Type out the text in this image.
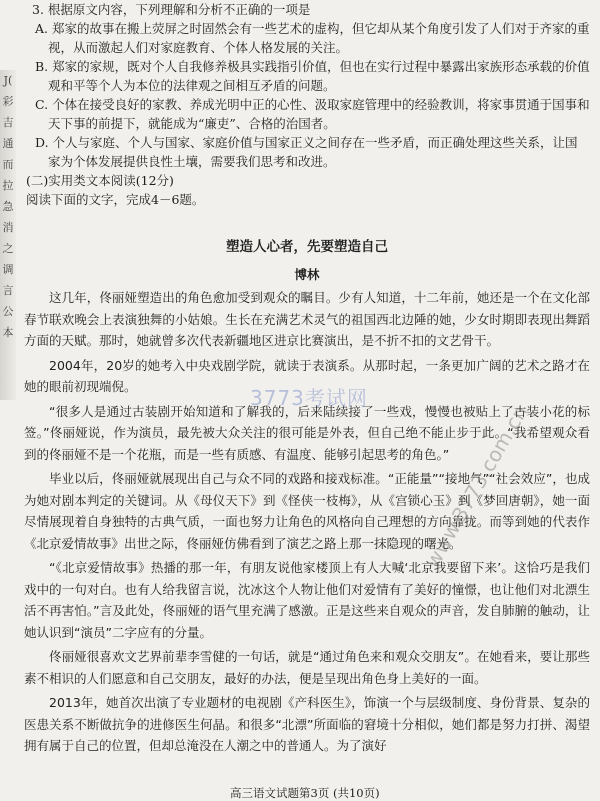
J(
彩
吉
通
而
拉
急
消
之
调
言
公
本
3. 根据原文内容，下列理解和分析不正确的一项是
A. 郑家的故事在搬上荧屏之时固然会有一些艺术的虚构，但它却从某个角度引发了人们对于齐家的重视，从而激起人们对家庭教育、个体人格发展的关注。
B. 郑家的家规，既对个人自我修养极具实践指引价值，但也在实行过程中暴露出家族形态承载的价值观和平等个人为本位的法律观之间相互矛盾的问题。
C. 个体在接受良好的家教、养成光明中正的心性、汲取家庭管理中的经验教训，将家事贯通于国事和天下事的前提下，就能成为“廉吏”、合格的治国者。
D. 个人与家庭、个人与国家、家庭价值与国家正义之间存在一些矛盾，而正确处理这些关系，让国家为个体发展提供良性土壤，需要我们思考和改进。
(二)实用类文本阅读(12分)
阅读下面的文字，完成4－6题。
塑造人心者，先要塑造自己
博林

这几年，佟丽娅塑造出的角色愈加受到观众的瞩目。少有人知道，十二年前，她还是一个在文化部春节联欢晚会上表演独舞的小姑娘。生长在充满艺术灵气的祖国西北边陲的她，少女时期即表现出舞蹈方面的天赋。那时，她就曾多次代表新疆地区进京比赛演出，是不折不扣的文艺骨干。

2004年，20岁的她考入中央戏剧学院，就读于表演系。从那时起，一条更加广阔的艺术之路才在她的眼前初现端倪。

“很多人是通过古装剧开始知道和了解我的，后来陆续接了一些戏，慢慢也被贴上了古装小花的标签。”佟丽娅说，作为演员，最先被大众关注的很可能是外表，但自己绝不能止步于此。“我希望观众看到的佟丽娅不是一个花瓶，而是一些有质感、有温度、能够引起思考的角色。”

毕业以后，佟丽娅就展现出自己与众不同的戏路和接戏标准。“正能量”“接地气”“社会效应”，也成为她对剧本判定的关键词。从《母仪天下》到《怪侠一枝梅》，从《宫锁心玉》到《梦回唐朝》，她一面尽情展现着自身独特的古典气质，一面也努力让角色的风格向自己理想的方向靠拢。而等到她的代表作《北京爱情故事》出世之际，佟丽娅仿佛看到了演艺之路上那一抹隐现的曙光。

“《北京爱情故事》热播的那一年，有朋友说他家楼顶上有人大喊‘北京我要留下来’。这恰巧是我们戏中的一句对白。也有人给我留言说，沈冰这个人物让他们对爱情有了美好的憧憬，也让他们对北漂生活不再害怕。”言及此处，佟丽娅的语气里充满了感激。正是这些来自观众的声音，发自肺腑的触动，让她认识到“演员”二字应有的分量。

佟丽娅很喜欢文艺界前辈李雪健的一句话，就是“通过角色来和观众交朋友”。在她看来，要让那些素不相识的人们愿意和自己交朋友，最好的办法，便是呈现出角色身上美好的一面。

2013年，她首次出演了专业题材的电视剧《产科医生》，饰演一个与层级制度、身份背景、复杂的医患关系不断做抗争的进修医生何晶。和很多“北漂”所面临的窘境十分相似，她们都是努力打拼、渴望拥有属于自己的位置，但却总淹没在人潮之中的普通人。为了演好

3773考试网
www.3773.com.cn
高三语文试题第3页 (共10页)
